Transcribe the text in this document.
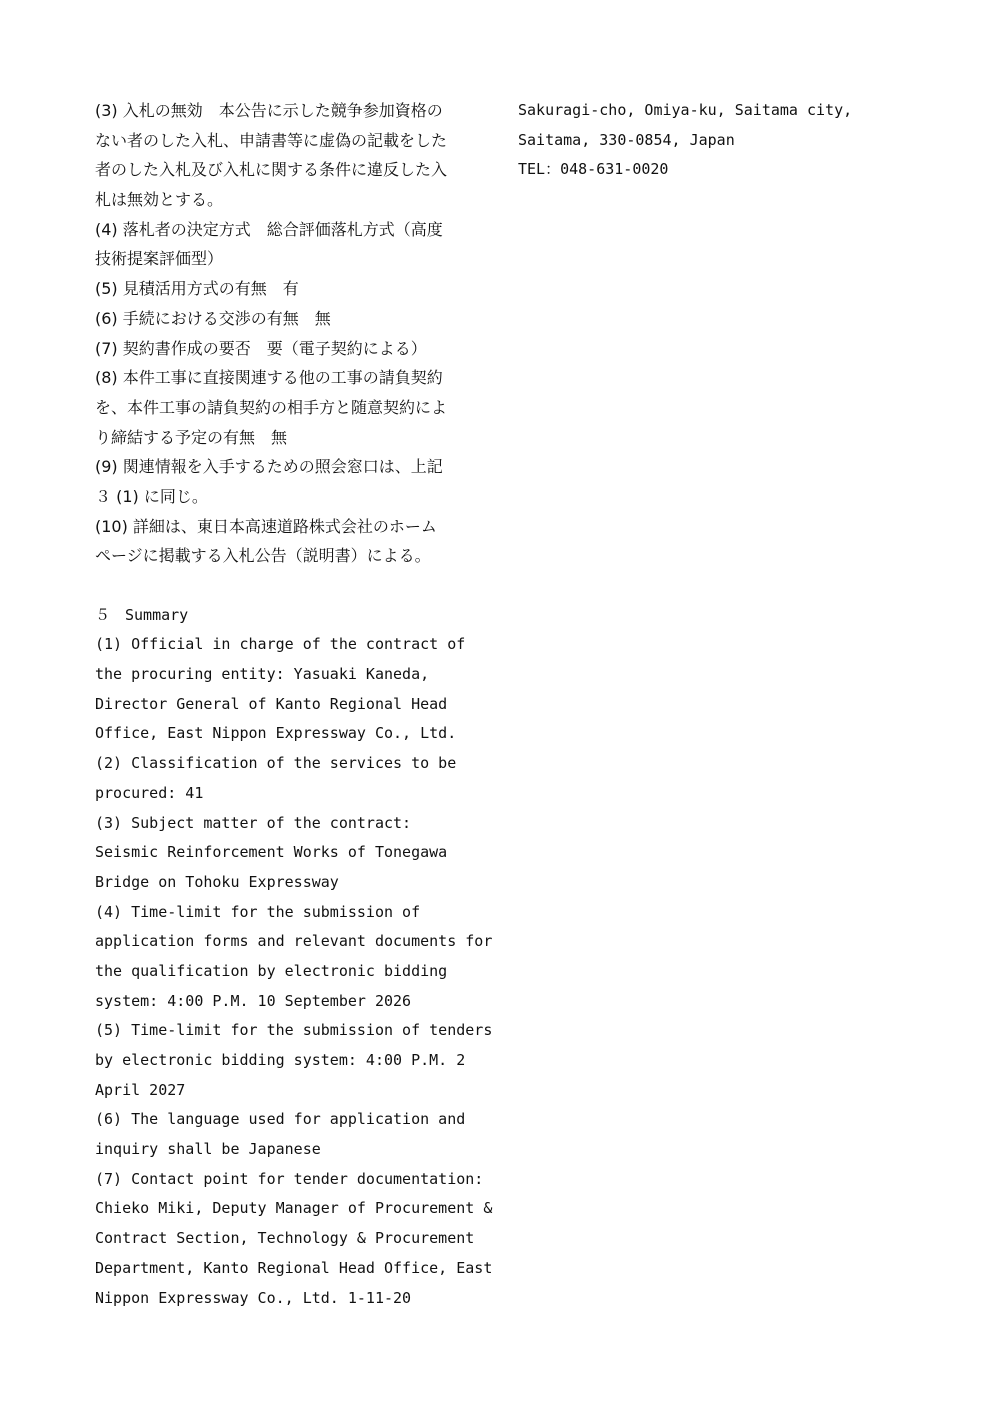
(3) 入札の無効　本公告に示した競争参加資格の
ない者のした入札、申請書等に虚偽の記載をした
者のした入札及び入札に関する条件に違反した入
札は無効とする。
(4) 落札者の決定方式　総合評価落札方式（高度
技術提案評価型）
(5) 見積活用方式の有無　有
(6) 手続における交渉の有無　無
(7) 契約書作成の要否　要（電子契約による）
(8) 本件工事に直接関連する他の工事の請負契約
を、本件工事の請負契約の相手方と随意契約によ
り締結する予定の有無　無
(9) 関連情報を入手するための照会窓口は、上記
３ (1) に同じ。
(10) 詳細は、東日本高速道路株式会社のホーム
ページに掲載する入札公告（説明書）による。
５　Summary
(1) Official in charge of the contract of
the procuring entity: Yasuaki Kaneda,
Director General of Kanto Regional Head
Office, East Nippon Expressway Co., Ltd.
(2) Classification of the services to be
procured: 41
(3) Subject matter of the contract:
Seismic Reinforcement Works of Tonegawa
Bridge on Tohoku Expressway
(4) Time-limit for the submission of
application forms and relevant documents for
the qualification by electronic bidding
system: 4:00 P.M. 10 September 2026
(5) Time-limit for the submission of tenders
by electronic bidding system: 4:00 P.M. 2
April 2027
(6) The language used for application and
inquiry shall be Japanese
(7) Contact point for tender documentation:
Chieko Miki, Deputy Manager of Procurement &
Contract Section, Technology & Procurement
Department, Kanto Regional Head Office, East
Nippon Expressway Co., Ltd. 1-11-20
Sakuragi-cho, Omiya-ku, Saitama city,
Saitama, 330-0854, Japan
TEL：048-631-0020
